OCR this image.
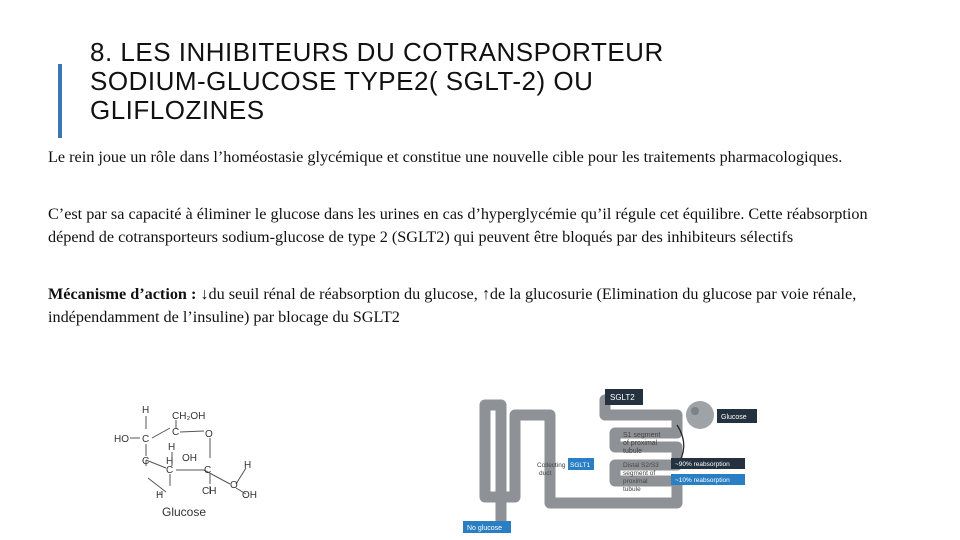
8. LES INHIBITEURS DU COTRANSPORTEUR
SODIUM-GLUCOSE TYPE2( SGLT-2) OU
GLIFLOZINES
Le rein joue un rôle dans l’homéostasie glycémique et constitue une nouvelle cible pour les traitements pharmacologiques.
C’est par sa capacité à éliminer le glucose dans les urines en cas d’hyperglycémie qu’il régule cet équilibre. Cette réabsorption dépend de cotransporteurs sodium-glucose de type 2 (SGLT2) qui peuvent être bloqués par des inhibiteurs sélectifs
Mécanisme d’action : ↓du seuil rénal de réabsorption du glucose, ↑de la glucosurie (Elimination du glucose par voie rénale, indépendamment de l’insuline) par blocage du SGLT2
H
CH₂OH
HO C
C	O
H
C	OH
H
C	C	H
O
H	CH	OH
Glucose
SGLT2
S1 segment
of proximal
tubule
Glucose
Collecting
duct
SGLT1	Distal S2/S3
segment of
proximal
tubule
~90% reabsorption
~10% reabsorption
No glucose
